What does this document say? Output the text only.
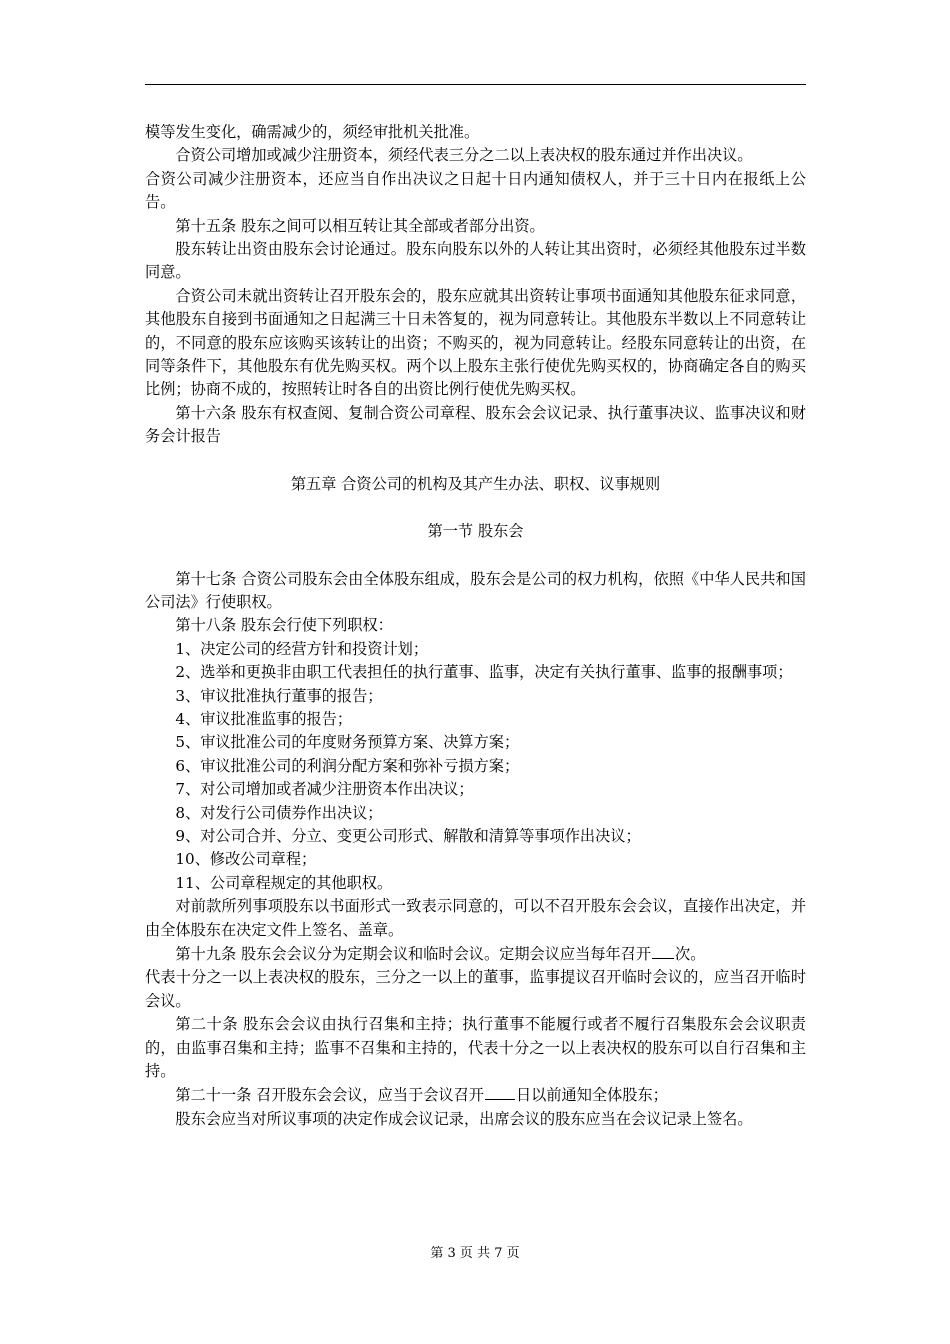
模等发生变化，确需减少的，须经审批机关批准。

合资公司增加或减少注册资本，须经代表三分之二以上表决权的股东通过并作出决议。

合资公司减少注册资本，还应当自作出决议之日起十日内通知债权人，并于三十日内在报纸上公告。

第十五条 股东之间可以相互转让其全部或者部分出资。

股东转让出资由股东会讨论通过。股东向股东以外的人转让其出资时，必须经其他股东过半数同意。

合资公司未就出资转让召开股东会的，股东应就其出资转让事项书面通知其他股东征求同意，其他股东自接到书面通知之日起满三十日未答复的，视为同意转让。其他股东半数以上不同意转让的，不同意的股东应该购买该转让的出资；不购买的，视为同意转让。经股东同意转让的出资，在同等条件下，其他股东有优先购买权。两个以上股东主张行使优先购买权的，协商确定各自的购买比例；协商不成的，按照转让时各自的出资比例行使优先购买权。

第十六条 股东有权查阅、复制合资公司章程、股东会会议记录、执行董事决议、监事决议和财务会计报告

第五章 合资公司的机构及其产生办法、职权、议事规则

第一节 股东会

第十七条 合资公司股东会由全体股东组成，股东会是公司的权力机构，依照《中华人民共和国公司法》行使职权。

第十八条 股东会行使下列职权：

1、决定公司的经营方针和投资计划；

2、选举和更换非由职工代表担任的执行董事、监事，决定有关执行董事、监事的报酬事项；

3、审议批准执行董事的报告；

4、审议批准监事的报告；

5、审议批准公司的年度财务预算方案、决算方案；

6、审议批准公司的利润分配方案和弥补亏损方案；

7、对公司增加或者减少注册资本作出决议；

8、对发行公司债券作出决议；

9、对公司合并、分立、变更公司形式、解散和清算等事项作出决议；

10、修改公司章程；

11、公司章程规定的其他职权。

对前款所列事项股东以书面形式一致表示同意的，可以不召开股东会会议，直接作出决定，并由全体股东在决定文件上签名、盖章。

第十九条 股东会会议分为定期会议和临时会议。定期会议应当每年召开 次。

代表十分之一以上表决权的股东，三分之一以上的董事，监事提议召开临时会议的，应当召开临时会议。

第二十条 股东会会议由执行召集和主持；执行董事不能履行或者不履行召集股东会会议职责的，由监事召集和主持；监事不召集和主持的，代表十分之一以上表决权的股东可以自行召集和主持。

第二十一条 召开股东会会议，应当于会议召开 日以前通知全体股东；

股东会应当对所议事项的决定作成会议记录，出席会议的股东应当在会议记录上签名。

第 3 页 共 7 页
